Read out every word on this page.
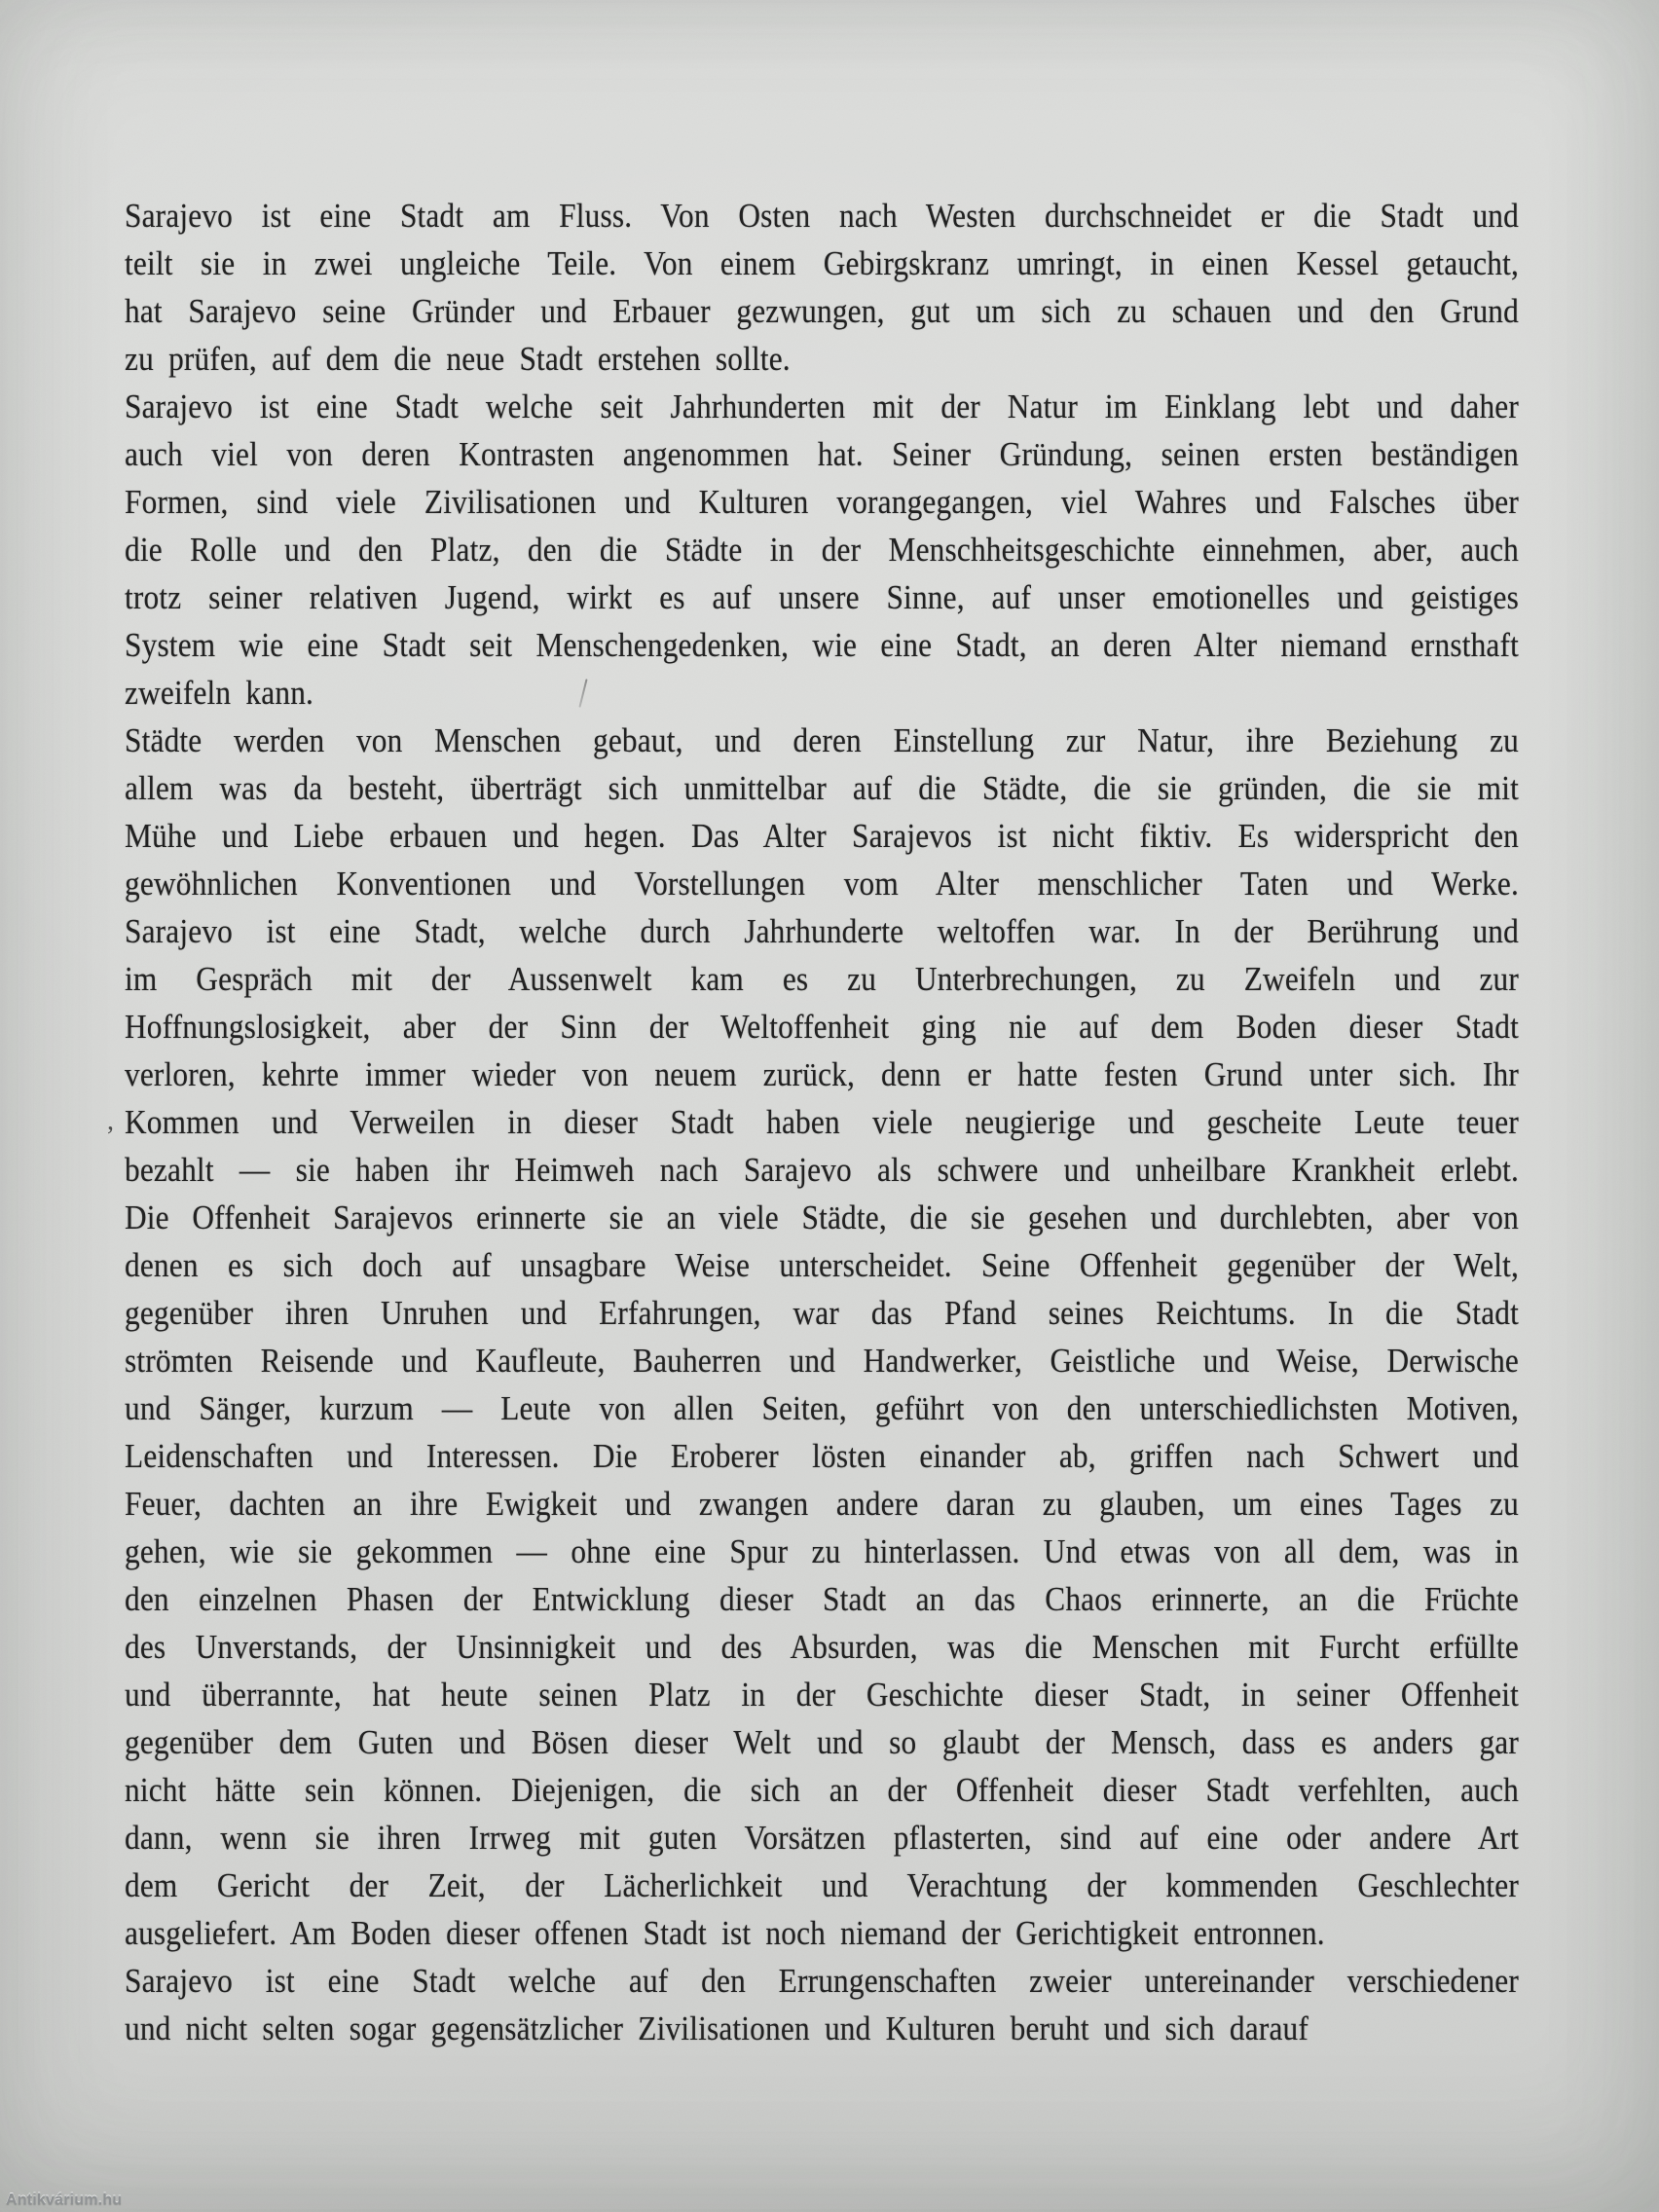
Sarajevo ist eine Stadt am Fluss. Von Osten nach Westen durchschneidet er die Stadt und
teilt sie in zwei ungleiche Teile. Von einem Gebirgskranz umringt, in einen Kessel getaucht,
hat Sarajevo seine Gründer und Erbauer gezwungen, gut um sich zu schauen und den Grund
zu prüfen, auf dem die neue Stadt erstehen sollte.
Sarajevo ist eine Stadt welche seit Jahrhunderten mit der Natur im Einklang lebt und daher
auch viel von deren Kontrasten angenommen hat. Seiner Gründung, seinen ersten beständigen
Formen, sind viele Zivilisationen und Kulturen vorangegangen, viel Wahres und Falsches über
die Rolle und den Platz, den die Städte in der Menschheitsgeschichte einnehmen, aber, auch
trotz seiner relativen Jugend, wirkt es auf unsere Sinne, auf unser emotionelles und geistiges
System wie eine Stadt seit Menschengedenken, wie eine Stadt, an deren Alter niemand ernsthaft
zweifeln kann.
Städte werden von Menschen gebaut, und deren Einstellung zur Natur, ihre Beziehung zu
allem was da besteht, überträgt sich unmittelbar auf die Städte, die sie gründen, die sie mit
Mühe und Liebe erbauen und hegen. Das Alter Sarajevos ist nicht fiktiv. Es widerspricht den
gewöhnlichen Konventionen und Vorstellungen vom Alter menschlicher Taten und Werke.
Sarajevo ist eine Stadt, welche durch Jahrhunderte weltoffen war. In der Berührung und
im Gespräch mit der Aussenwelt kam es zu Unterbrechungen, zu Zweifeln und zur
Hoffnungslosigkeit, aber der Sinn der Weltoffenheit ging nie auf dem Boden dieser Stadt
verloren, kehrte immer wieder von neuem zurück, denn er hatte festen Grund unter sich. Ihr
Kommen und Verweilen in dieser Stadt haben viele neugierige und gescheite Leute teuer
bezahlt — sie haben ihr Heimweh nach Sarajevo als schwere und unheilbare Krankheit erlebt.
Die Offenheit Sarajevos erinnerte sie an viele Städte, die sie gesehen und durchlebten, aber von
denen es sich doch auf unsagbare Weise unterscheidet. Seine Offenheit gegenüber der Welt,
gegenüber ihren Unruhen und Erfahrungen, war das Pfand seines Reichtums. In die Stadt
strömten Reisende und Kaufleute, Bauherren und Handwerker, Geistliche und Weise, Derwische
und Sänger, kurzum — Leute von allen Seiten, geführt von den unterschiedlichsten Motiven,
Leidenschaften und Interessen. Die Eroberer lösten einander ab, griffen nach Schwert und
Feuer, dachten an ihre Ewigkeit und zwangen andere daran zu glauben, um eines Tages zu
gehen, wie sie gekommen — ohne eine Spur zu hinterlassen. Und etwas von all dem, was in
den einzelnen Phasen der Entwicklung dieser Stadt an das Chaos erinnerte, an die Früchte
des Unverstands, der Unsinnigkeit und des Absurden, was die Menschen mit Furcht erfüllte
und überrannte, hat heute seinen Platz in der Geschichte dieser Stadt, in seiner Offenheit
gegenüber dem Guten und Bösen dieser Welt und so glaubt der Mensch, dass es anders gar
nicht hätte sein können. Diejenigen, die sich an der Offenheit dieser Stadt verfehlten, auch
dann, wenn sie ihren Irrweg mit guten Vorsätzen pflasterten, sind auf eine oder andere Art
dem Gericht der Zeit, der Lächerlichkeit und Verachtung der kommenden Geschlechter
ausgeliefert. Am Boden dieser offenen Stadt ist noch niemand der Gerichtigkeit entronnen.
Sarajevo ist eine Stadt welche auf den Errungenschaften zweier untereinander verschiedener
und nicht selten sogar gegensätzlicher Zivilisationen und Kulturen beruht und sich darauf
,
Antikvárium.hu
